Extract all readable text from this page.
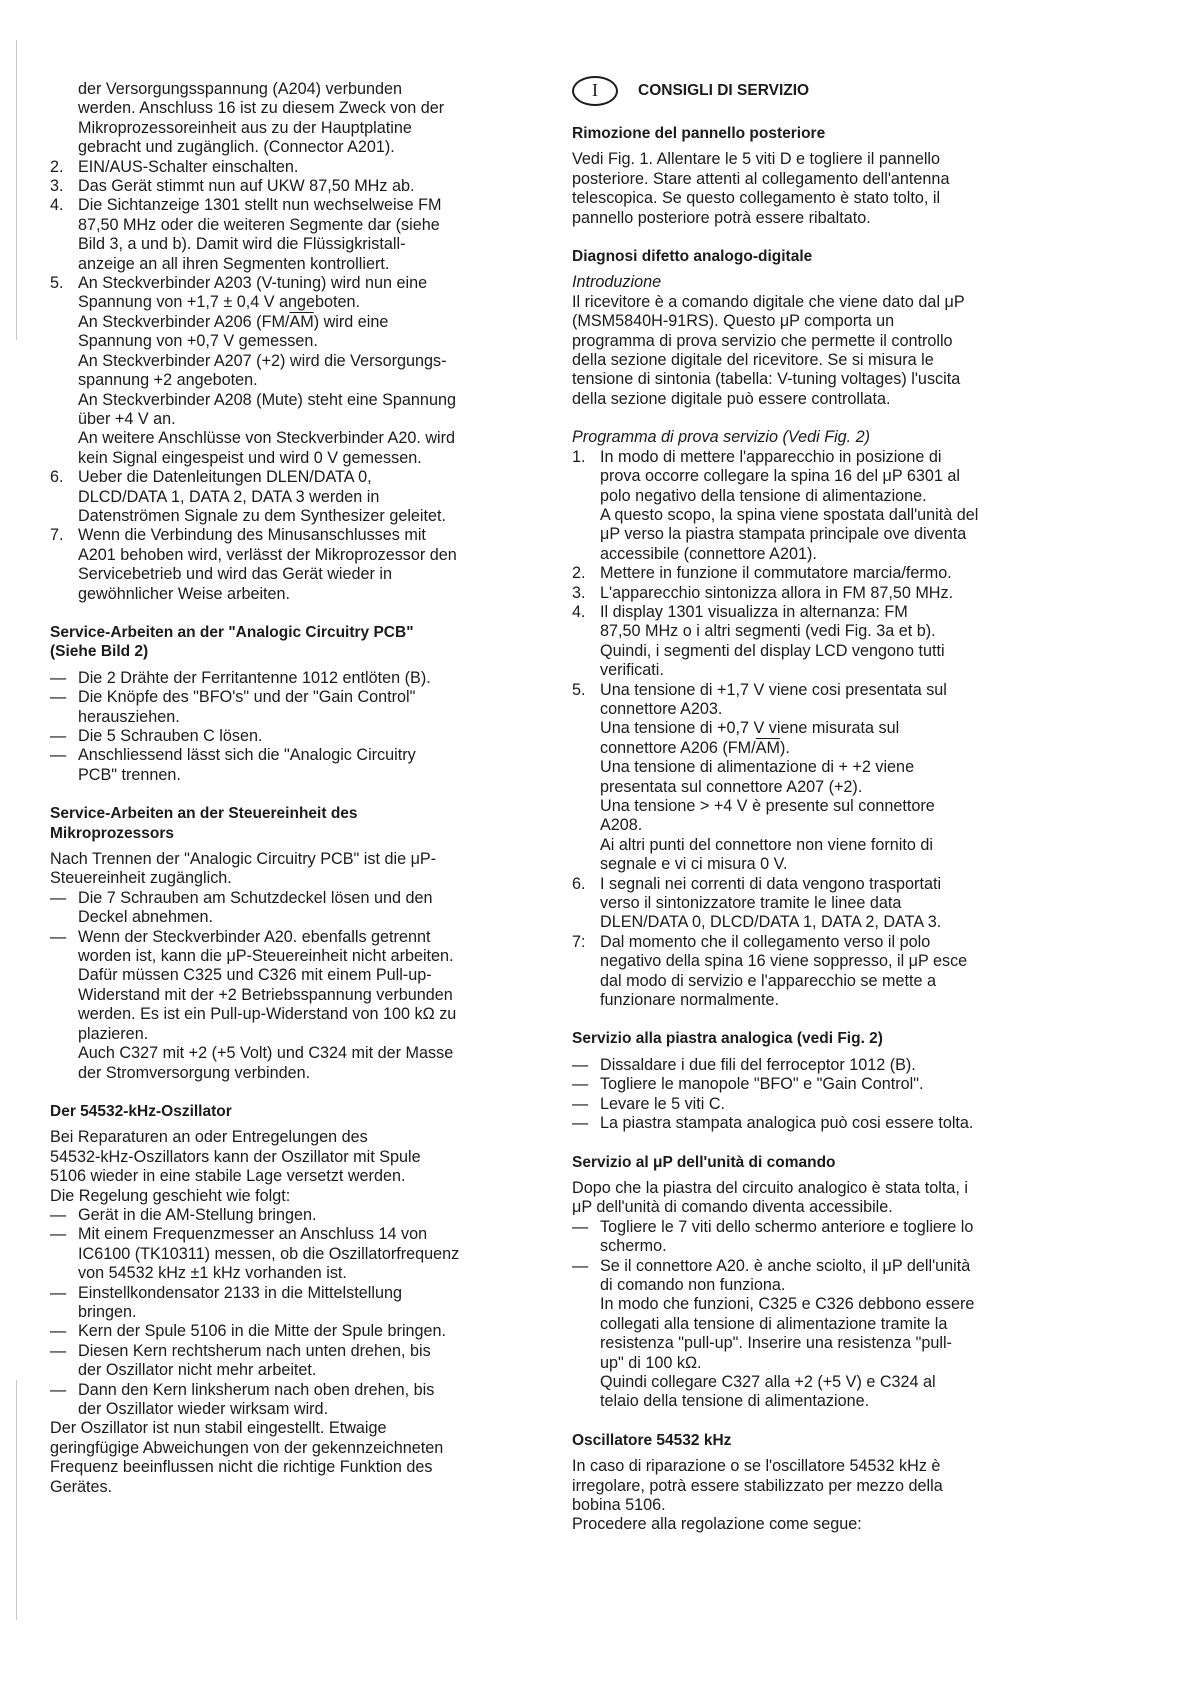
der Versorgungsspannung (A204) verbunden

werden. Anschluss 16 ist zu diesem Zweck von der

Mikroprozessoreinheit aus zu der Hauptplatine

gebracht und zugänglich. (Connector A201).

2. EIN/AUS-Schalter einschalten.

3. Das Gerät stimmt nun auf UKW 87,50 MHz ab.

4. Die Sichtanzeige 1301 stellt nun wechselweise FM

87,50 MHz oder die weiteren Segmente dar (siehe

Bild 3, a und b). Damit wird die Flüssigkristall-

anzeige an all ihren Segmenten kontrolliert.

5. An Steckverbinder A203 (V-tuning) wird nun eine

Spannung von +1,7 ± 0,4 V angeboten.

An Steckverbinder A206 $(FM/\overline{AM})$ wird eine

Spannung von +0,7 V gemessen.

An Steckverbinder A207 (+2) wird die Versorgungs-

spannung +2 angeboten.

An Steckverbinder A208 (Mute) steht eine Spannung

über +4 V an.

An weitere Anschlüsse von Steckverbinder A20. wird

kein Signal eingespeist und wird 0 V gemessen.

6. Ueber die Datenleitungen DLEN/DATA 0,

DLCD/DATA 1, DATA 2, DATA 3 werden in

Datenströmen Signale zu dem Synthesizer geleitet.

7. Wenn die Verbindung des Minusanschlusses mit

A201 behoben wird, verlässt der Mikroprozessor den

Servicebetrieb und wird das Gerät wieder in

gewöhnlicher Weise arbeiten.

Service-Arbeiten an der "Analogic Circuitry PCB"

(Siehe Bild 2)

— Die 2 Drähte der Ferritantenne 1012 entlöten (B).

— Die Knöpfe des "BFO's" und der "Gain Control"

herausziehen.

— Die 5 Schrauben C lösen.

— Anschliessend lässt sich die "Analogic Circuitry

PCB" trennen.

Service-Arbeiten an der Steuereinheit des

Mikroprozessors

Nach Trennen der "Analogic Circuitry PCB" ist die μP-

Steuereinheit zugänglich.

— Die 7 Schrauben am Schutzdeckel lösen und den

Deckel abnehmen.

— Wenn der Steckverbinder A20. ebenfalls getrennt

worden ist, kann die μP-Steuereinheit nicht arbeiten.

Dafür müssen C325 und C326 mit einem Pull-up-

Widerstand mit der +2 Betriebsspannung verbunden

werden. Es ist ein Pull-up-Widerstand von 100 kΩ zu

plazieren.

Auch C327 mit +2 (+5 Volt) und C324 mit der Masse

der Stromversorgung verbinden.

Der 54532-kHz-Oszillator

Bei Reparaturen an oder Entregelungen des

54532-kHz-Oszillators kann der Oszillator mit Spule

5106 wieder in eine stabile Lage versetzt werden.

Die Regelung geschieht wie folgt:

— Gerät in die AM-Stellung bringen.

— Mit einem Frequenzmesser an Anschluss 14 von

IC6100 (TK10311) messen, ob die Oszillatorfrequenz

von 54532 kHz ±1 kHz vorhanden ist.

— Einstellkondensator 2133 in die Mittelstellung

bringen.

— Kern der Spule 5106 in die Mitte der Spule bringen.

— Diesen Kern rechtsherum nach unten drehen, bis

der Oszillator nicht mehr arbeitet.

— Dann den Kern linksherum nach oben drehen, bis

der Oszillator wieder wirksam wird.

Der Oszillator ist nun stabil eingestellt. Etwaige

geringfügige Abweichungen von der gekennzeichneten

Frequenz beeinflussen nicht die richtige Funktion des

Gerätes.

I	CONSIGLI DI SERVIZIO

Rimozione del pannello posteriore

Vedi Fig. 1. Allentare le 5 viti D e togliere il pannello

posteriore. Stare attenti al collegamento dell'antenna

telescopica. Se questo collegamento è stato tolto, il

pannello posteriore potrà essere ribaltato.

Diagnosi difetto analogo-digitale

Introduzione

Il ricevitore è a comando digitale che viene dato dal μP

(MSM5840H-91RS). Questo μP comporta un

programma di prova servizio che permette il controllo

della sezione digitale del ricevitore. Se si misura le

tensione di sintonia (tabella: V-tuning voltages) l'uscita

della sezione digitale può essere controllata.

Programma di prova servizio (Vedi Fig. 2)

1. In modo di mettere l'apparecchio in posizione di

prova occorre collegare la spina 16 del μP 6301 al

polo negativo della tensione di alimentazione.

A questo scopo, la spina viene spostata dall'unità del

μP verso la piastra stampata principale ove diventa

accessibile (connettore A201).

2. Mettere in funzione il commutatore marcia/fermo.

3. L'apparecchio sintonizza allora in FM 87,50 MHz.

4. Il display 1301 visualizza in alternanza: FM

87,50 MHz o i altri segmenti (vedi Fig. 3a et b).

Quindi, i segmenti del display LCD vengono tutti

verificati.

5. Una tensione di +1,7 V viene cosi presentata sul

connettore A203.

Una tensione di +0,7 V viene misurata sul

connettore A206 $(FM/\overline{AM})$.

Una tensione di alimentazione di + +2 viene

presentata sul connettore A207 (+2).

Una tensione > +4 V è presente sul connettore

A208.

Ai altri punti del connettore non viene fornito di

segnale e vi ci misura 0 V.

6. I segnali nei correnti di data vengono trasportati

verso il sintonizzatore tramite le linee data

DLEN/DATA 0, DLCD/DATA 1, DATA 2, DATA 3.

7: Dal momento che il collegamento verso il polo

negativo della spina 16 viene soppresso, il μP esce

dal modo di servizio e l'apparecchio se mette a

funzionare normalmente.

Servizio alla piastra analogica (vedi Fig. 2)

— Dissaldare i due fili del ferroceptor 1012 (B).

— Togliere le manopole "BFO" e "Gain Control".

— Levare le 5 viti C.

— La piastra stampata analogica può cosi essere tolta.

Servizio al μP dell'unità di comando

Dopo che la piastra del circuito analogico è stata tolta, i

μP dell'unità di comando diventa accessibile.

— Togliere le 7 viti dello schermo anteriore e togliere lo

schermo.

— Se il connettore A20. è anche sciolto, il μP dell'unità

di comando non funziona.

In modo che funzioni, C325 e C326 debbono essere

collegati alla tensione di alimentazione tramite la

resistenza "pull-up". Inserire una resistenza "pull-

up" di 100 kΩ.

Quindi collegare C327 alla +2 (+5 V) e C324 al

telaio della tensione di alimentazione.

Oscillatore 54532 kHz

In caso di riparazione o se l'oscillatore 54532 kHz è

irregolare, potrà essere stabilizzato per mezzo della

bobina 5106.

Procedere alla regolazione come segue:
